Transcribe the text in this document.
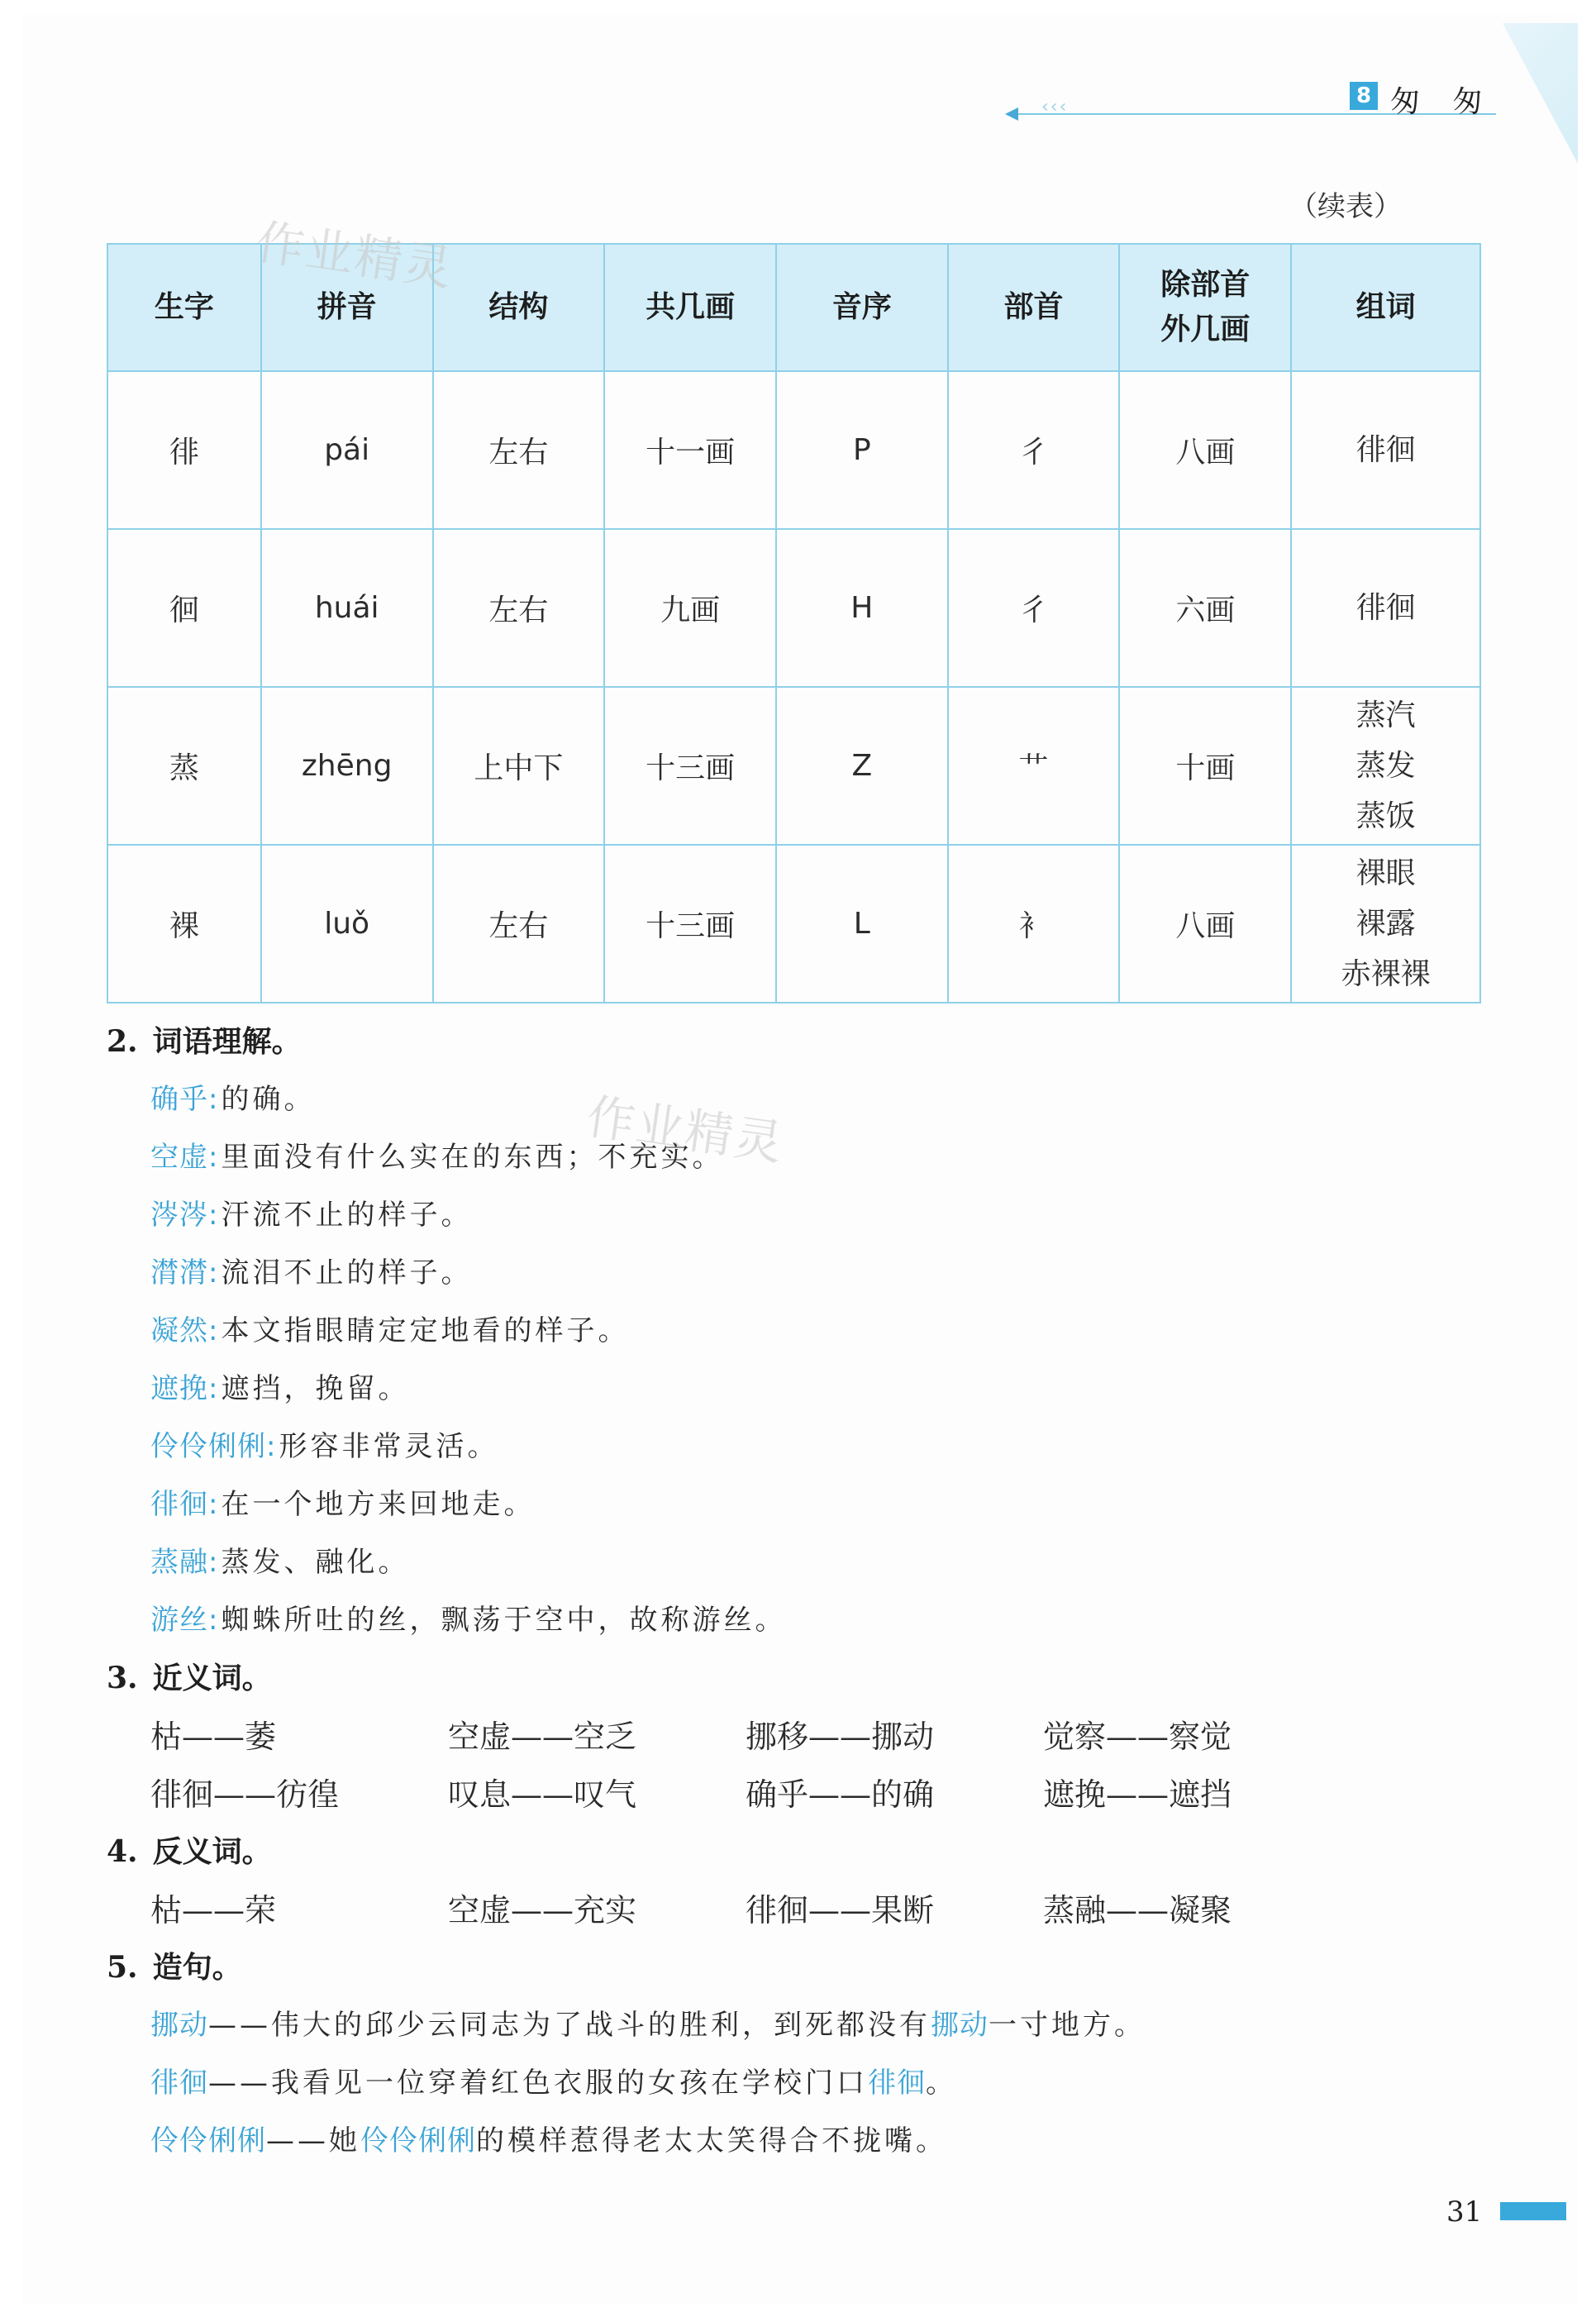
‹‹‹	8 匆 匆
（续表）
生字	拼音	结构	共几画	音序	部首	除部首外几画	组词
徘	pái	左右	十一画	P	彳	八画	徘徊

徊	huái	左右	九画	H	彳	六画	徘徊

蒸	zhēng	上中下	十三画	Z	艹	十画	蒸汽
蒸发
蒸饭

裸	luǒ	左右	十三画	L	衤	八画	裸眼
裸露
赤裸裸
作业精灵
作业精灵
2. 词语理解。
确乎:的确。
空虚:里面没有什么实在的东西；不充实。
涔涔:汗流不止的样子。
潸潸:流泪不止的样子。
凝然:本文指眼睛定定地看的样子。
遮挽:遮挡，挽留。
伶伶俐俐:形容非常灵活。
徘徊:在一个地方来回地走。
蒸融:蒸发、融化。
游丝:蜘蛛所吐的丝，飘荡于空中，故称游丝。
3. 近义词。
枯——萎	空虚——空乏	挪移——挪动	觉察——察觉
徘徊——彷徨	叹息——叹气	确乎——的确	遮挽——遮挡
4. 反义词。
枯——荣	空虚——充实	徘徊——果断	蒸融——凝聚
5. 造句。
挪动——伟大的邱少云同志为了战斗的胜利，到死都没有挪动一寸地方。
徘徊——我看见一位穿着红色衣服的女孩在学校门口徘徊。
伶伶俐俐——她伶伶俐俐的模样惹得老太太笑得合不拢嘴。
31
